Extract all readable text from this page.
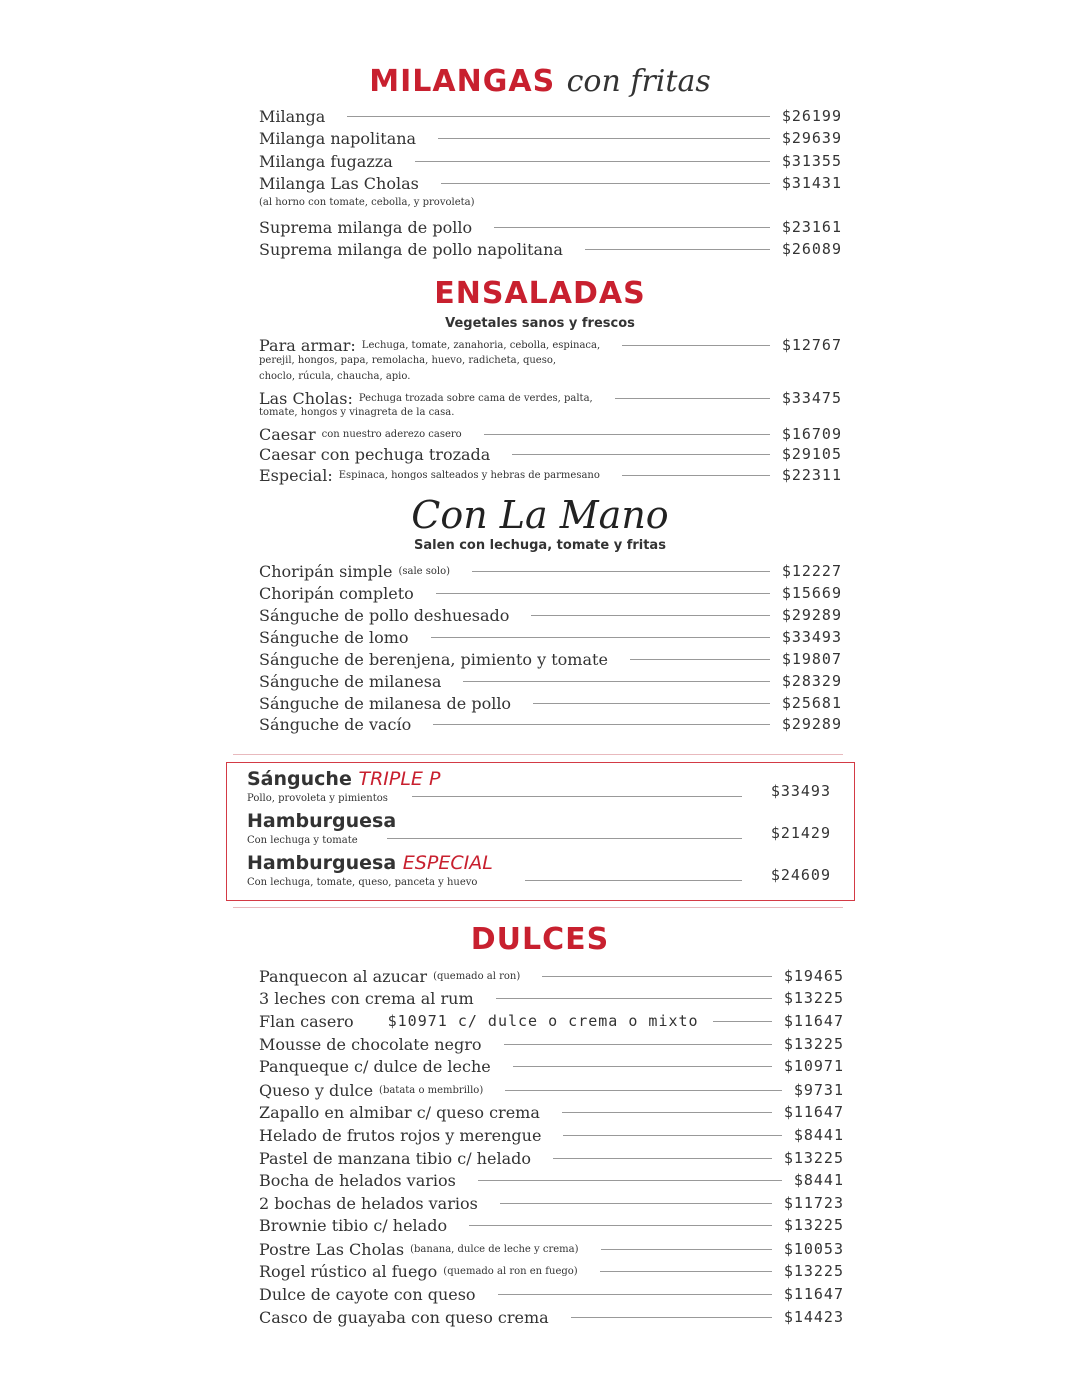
MILANGAS con fritas
Milanga	$26199
Milanga napolitana	$29639
Milanga fugazza	$31355
Milanga Las Cholas	$31431
(al horno con tomate, cebolla, y provoleta)
Suprema milanga de pollo	$23161
Suprema milanga de pollo napolitana	$26089
ENSALADAS
Vegetales sanos y frescos
Para armar: Lechuga, tomate, zanahoria, cebolla, espinaca,	$12767
perejil, hongos, papa, remolacha, huevo, radicheta, queso,
choclo, rúcula, chaucha, apio.
Las Cholas: Pechuga trozada sobre cama de verdes, palta,	$33475
tomate, hongos y vinagreta de la casa.
Caesar con nuestro aderezo casero	$16709
Caesar con pechuga trozada	$29105
Especial: Espinaca, hongos salteados y hebras de parmesano	$22311
Con La Mano
Salen con lechuga, tomate y fritas
Choripán simple (sale solo)	$12227
Choripán completo	$15669
Sánguche de pollo deshuesado	$29289
Sánguche de lomo	$33493
Sánguche de berenjena, pimiento y tomate	$19807
Sánguche de milanesa	$28329
Sánguche de milanesa de pollo	$25681
Sánguche de vacío	$29289
Sánguche TRIPLE P
Pollo, provoleta y pimientos	$33493
Hamburguesa
Con lechuga y tomate	$21429
Hamburguesa ESPECIAL
Con lechuga, tomate, queso, panceta y huevo	$24609
DULCES
Panquecon al azucar (quemado al ron)	$19465
3 leches con crema al rum	$13225
Flan casero $10971 c/ dulce o crema o mixto	$11647
Mousse de chocolate negro	$13225
Panqueque c/ dulce de leche	$10971
Queso y dulce (batata o membrillo)	$9731
Zapallo en almibar c/ queso crema	$11647
Helado de frutos rojos y merengue	$8441
Pastel de manzana tibio c/ helado	$13225
Bocha de helados varios	$8441
2 bochas de helados varios	$11723
Brownie tibio c/ helado	$13225
Postre Las Cholas (banana, dulce de leche y crema)	$10053
Rogel rústico al fuego (quemado al ron en fuego)	$13225
Dulce de cayote con queso	$11647
Casco de guayaba con queso crema	$14423
